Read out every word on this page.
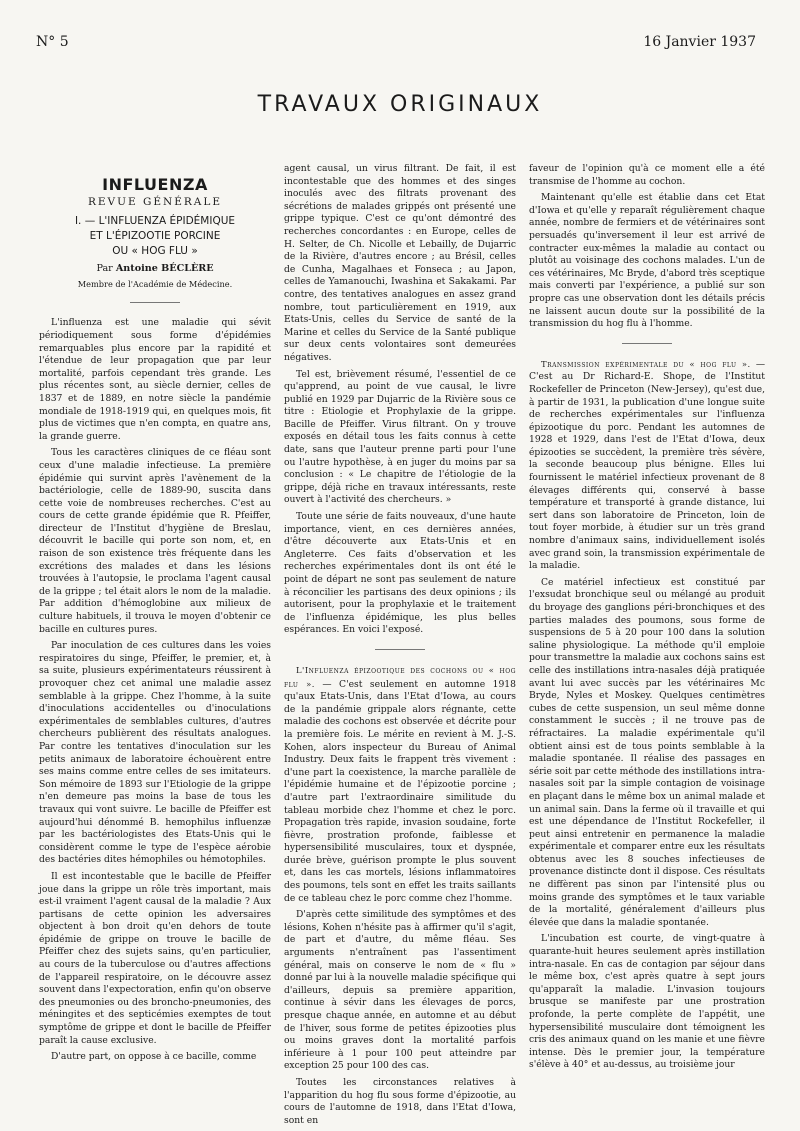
N° 5	16 Janvier 1937
TRAVAUX ORIGINAUX
INFLUENZA
REVUE GÉNÉRALE
I. — L'INFLUENZA ÉPIDÉMIQUE
ET L'ÉPIZOOTIE PORCINE
OU « HOG FLU »
Par Antoine BÉCLÈRE
Membre de l'Académie de Médecine.

L'influenza est une maladie qui sévit périodiquement sous forme d'épidémies remarquables plus encore par la rapidité et l'étendue de leur propagation que par leur mortalité, parfois cependant très grande. Les plus récentes sont, au siècle dernier, celles de 1837 et de 1889, en notre siècle la pandémie mondiale de 1918-1919 qui, en quelques mois, fit plus de victimes que n'en compta, en quatre ans, la grande guerre.

Tous les caractères cliniques de ce fléau sont ceux d'une maladie infectieuse. La première épidémie qui survint après l'avènement de la bactériologie, celle de 1889-90, suscita dans cette voie de nombreuses recherches. C'est au cours de cette grande épidémie que R. Pfeiffer, directeur de l'Institut d'hygiène de Breslau, découvrit le bacille qui porte son nom, et, en raison de son existence très fréquente dans les excrétions des malades et dans les lésions trouvées à l'autopsie, le proclama l'agent causal de la grippe ; tel était alors le nom de la maladie. Par addition d'hémoglobine aux milieux de culture habituels, il trouva le moyen d'obtenir ce bacille en cultures pures.

Par inoculation de ces cultures dans les voies respiratoires du singe, Pfeiffer, le premier, et, à sa suite, plusieurs expérimentateurs réussirent à provoquer chez cet animal une maladie assez semblable à la grippe. Chez l'homme, à la suite d'inoculations accidentelles ou d'inoculations expérimentales de semblables cultures, d'autres chercheurs publièrent des résultats analogues. Par contre les tentatives d'inoculation sur les petits animaux de laboratoire échouèrent entre ses mains comme entre celles de ses imitateurs. Son mémoire de 1893 sur l'Etiologie de la grippe n'en demeure pas moins la base de tous les travaux qui vont suivre. Le bacille de Pfeiffer est aujourd'hui dénommé B. hemophilus influenzæ par les bactériologistes des Etats-Unis qui le considèrent comme le type de l'espèce aérobie des bactéries dites hémophiles ou hémotophiles.

Il est incontestable que le bacille de Pfeiffer joue dans la grippe un rôle très important, mais est-il vraiment l'agent causal de la maladie ? Aux partisans de cette opinion les adversaires objectent à bon droit qu'en dehors de toute épidémie de grippe on trouve le bacille de Pfeiffer chez des sujets sains, qu'en particulier, au cours de la tuberculose ou d'autres affections de l'appareil respiratoire, on le découvre assez souvent dans l'expectoration, enfin qu'on observe des pneumonies ou des broncho-pneumonies, des méningites et des septicémies exemptes de tout symptôme de grippe et dont le bacille de Pfeiffer paraît la cause exclusive.

D'autre part, on oppose à ce bacille, comme

agent causal, un virus filtrant. De fait, il est incontestable que des hommes et des singes inoculés avec des filtrats provenant des sécrétions de malades grippés ont présenté une grippe typique. C'est ce qu'ont démontré des recherches concordantes : en Europe, celles de H. Selter, de Ch. Nicolle et Lebailly, de Dujarric de la Rivière, d'autres encore ; au Brésil, celles de Cunha, Magalhaes et Fonseca ; au Japon, celles de Yamanouchi, Iwashina et Sakakami. Par contre, des tentatives analogues en assez grand nombre, tout particulièrement en 1919, aux Etats-Unis, celles du Service de santé de la Marine et celles du Service de la Santé publique sur deux cents volontaires sont demeurées négatives.

Tel est, brièvement résumé, l'essentiel de ce qu'apprend, au point de vue causal, le livre publié en 1929 par Dujarric de la Rivière sous ce titre : Etiologie et Prophylaxie de la grippe. Bacille de Pfeiffer. Virus filtrant. On y trouve exposés en détail tous les faits connus à cette date, sans que l'auteur prenne parti pour l'une ou l'autre hypothèse, à en juger du moins par sa conclusion : « Le chapitre de l'étiologie de la grippe, déjà riche en travaux intéressants, reste ouvert à l'activité des chercheurs. »

Toute une série de faits nouveaux, d'une haute importance, vient, en ces dernières années, d'être découverte aux Etats-Unis et en Angleterre. Ces faits d'observation et les recherches expérimentales dont ils ont été le point de départ ne sont pas seulement de nature à réconcilier les partisans des deux opinions ; ils autorisent, pour la prophylaxie et le traitement de l'influenza épidémique, les plus belles espérances. En voici l'exposé.

L'Influenza épizootique des cochons ou « hog flu ». — C'est seulement en automne 1918 qu'aux Etats-Unis, dans l'Etat d'Iowa, au cours de la pandémie grippale alors régnante, cette maladie des cochons est observée et décrite pour la première fois. Le mérite en revient à M. J.-S. Kohen, alors inspecteur du Bureau of Animal Industry. Deux faits le frappent très vivement : d'une part la coexistence, la marche parallèle de l'épidémie humaine et de l'épizootie porcine ; d'autre part l'extraordinaire similitude du tableau morbide chez l'homme et chez le porc. Propagation très rapide, invasion soudaine, forte fièvre, prostration profonde, faiblesse et hypersensibilité musculaires, toux et dyspnée, durée brève, guérison prompte le plus souvent et, dans les cas mortels, lésions inflammatoires des poumons, tels sont en effet les traits saillants de ce tableau chez le porc comme chez l'homme.

D'après cette similitude des symptômes et des lésions, Kohen n'hésite pas à affirmer qu'il s'agit, de part et d'autre, du même fléau. Ses arguments n'entraînent pas l'assentiment général, mais on conserve le nom de « flu » donné par lui à la nouvelle maladie spécifique qui d'ailleurs, depuis sa première apparition, continue à sévir dans les élevages de porcs, presque chaque année, en automne et au début de l'hiver, sous forme de petites épizooties plus ou moins graves dont la mortalité parfois inférieure à 1 pour 100 peut atteindre par exception 25 pour 100 des cas.

Toutes les circonstances relatives à l'apparition du hog flu sous forme d'épizootie, au cours de l'automne de 1918, dans l'Etat d'Iowa, sont en

faveur de l'opinion qu'à ce moment elle a été transmise de l'homme au cochon.

Maintenant qu'elle est établie dans cet Etat d'Iowa et qu'elle y reparaît régulièrement chaque année, nombre de fermiers et de vétérinaires sont persuadés qu'inversement il leur est arrivé de contracter eux-mêmes la maladie au contact ou plutôt au voisinage des cochons malades. L'un de ces vétérinaires, Mc Bryde, d'abord très sceptique mais converti par l'expérience, a publié sur son propre cas une observation dont les détails précis ne laissent aucun doute sur la possibilité de la transmission du hog flu à l'homme.

Transmission expérimentale du « hog flu ». — C'est au Dr Richard-E. Shope, de l'Institut Rockefeller de Princeton (New-Jersey), qu'est due, à partir de 1931, la publication d'une longue suite de recherches expérimentales sur l'influenza épizootique du porc. Pendant les automnes de 1928 et 1929, dans l'est de l'Etat d'Iowa, deux épizooties se succèdent, la première très sévère, la seconde beaucoup plus bénigne. Elles lui fournissent le matériel infectieux provenant de 8 élevages différents qui, conservé à basse température et transporté à grande distance, lui sert dans son laboratoire de Princeton, loin de tout foyer morbide, à étudier sur un très grand nombre d'animaux sains, individuellement isolés avec grand soin, la transmission expérimentale de la maladie.

Ce matériel infectieux est constitué par l'exsudat bronchique seul ou mélangé au produit du broyage des ganglions péri-bronchiques et des parties malades des poumons, sous forme de suspensions de 5 à 20 pour 100 dans la solution saline physiologique. La méthode qu'il emploie pour transmettre la maladie aux cochons sains est celle des instillations intra-nasales déjà pratiquée avant lui avec succès par les vétérinaires Mc Bryde, Nyles et Moskey. Quelques centimètres cubes de cette suspension, un seul même donne constamment le succès ; il ne trouve pas de réfractaires. La maladie expérimentale qu'il obtient ainsi est de tous points semblable à la maladie spontanée. Il réalise des passages en série soit par cette méthode des instillations intra-nasales soit par la simple contagion de voisinage en plaçant dans le même box un animal malade et un animal sain. Dans la ferme où il travaille et qui est une dépendance de l'Institut Rockefeller, il peut ainsi entretenir en permanence la maladie expérimentale et comparer entre eux les résultats obtenus avec les 8 souches infectieuses de provenance distincte dont il dispose. Ces résultats ne diffèrent pas sinon par l'intensité plus ou moins grande des symptômes et le taux variable de la mortalité, généralement d'ailleurs plus élevée que dans la maladie spontanée.

L'incubation est courte, de vingt-quatre à quarante-huit heures seulement après instillation intra-nasale. En cas de contagion par séjour dans le même box, c'est après quatre à sept jours qu'apparaît la maladie. L'invasion toujours brusque se manifeste par une prostration profonde, la perte complète de l'appétit, une hypersensibilité musculaire dont témoignent les cris des animaux quand on les manie et une fièvre intense. Dès le premier jour, la température s'élève à 40° et au-dessus, au troisième jour
